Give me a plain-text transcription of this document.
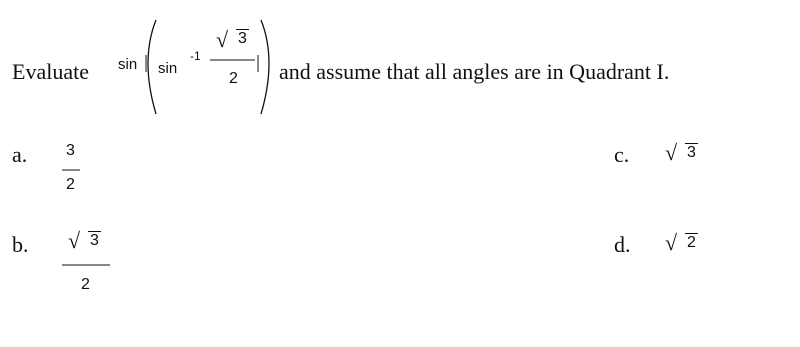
Evaluate sin sin
-1
√ 3
2 and assume that all angles are in Quadrant I.
a. 3
2
b. √ 3
2
c. √ 3
d. √ 2
